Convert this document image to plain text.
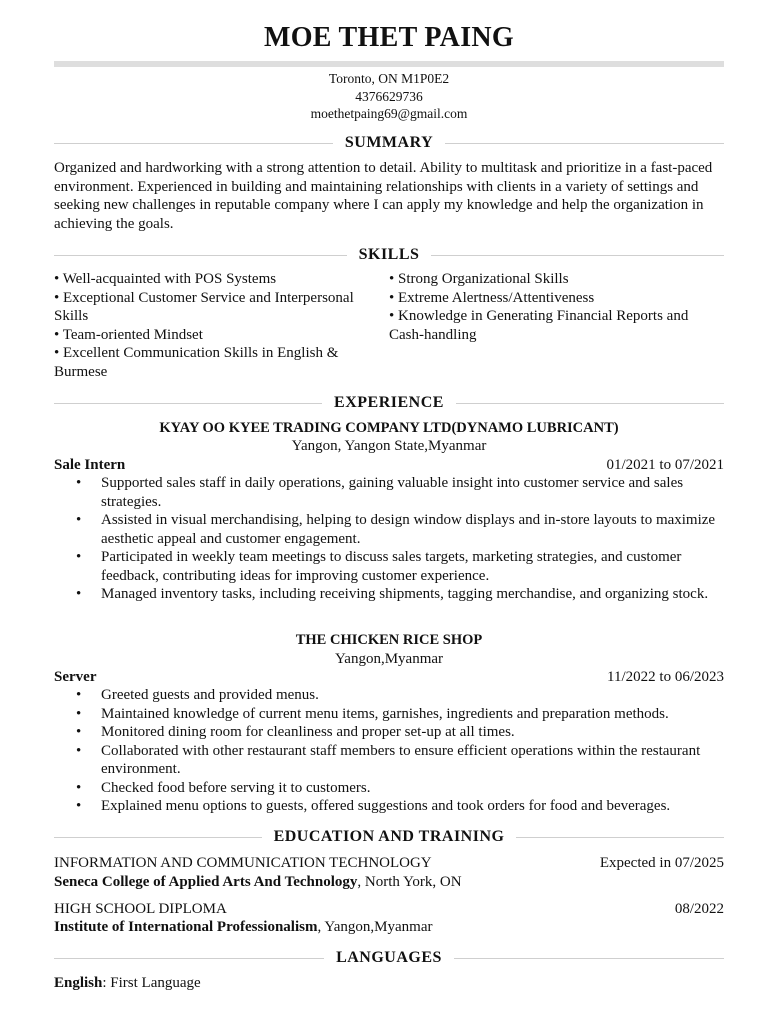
MOE THET PAING
Toronto, ON M1P0E2
4376629736
moethetpaing69@gmail.com
SUMMARY
Organized and hardworking with a strong attention to detail. Ability to multitask and prioritize in a fast-paced environment. Experienced in building and maintaining relationships with clients in a variety of settings and seeking new challenges in reputable company where I can apply my knowledge and help the organization in achieving the goals.
SKILLS
• Well-acquainted with POS Systems
• Exceptional Customer Service and Interpersonal Skills
• Team-oriented Mindset
• Excellent Communication Skills in English & Burmese
• Strong Organizational Skills
• Extreme Alertness/Attentiveness
• Knowledge in Generating Financial Reports and Cash-handling
EXPERIENCE
KYAY OO KYEE TRADING COMPANY LTD(DYNAMO LUBRICANT)
Yangon, Yangon State,Myanmar
Sale Intern	01/2021 to 07/2021
• Supported sales staff in daily operations, gaining valuable insight into customer service and sales strategies.
• Assisted in visual merchandising, helping to design window displays and in-store layouts to maximize aesthetic appeal and customer engagement.
• Participated in weekly team meetings to discuss sales targets, marketing strategies, and customer feedback, contributing ideas for improving customer experience.
• Managed inventory tasks, including receiving shipments, tagging merchandise, and organizing stock.
THE CHICKEN RICE SHOP
Yangon,Myanmar
Server	11/2022 to 06/2023
• Greeted guests and provided menus.
• Maintained knowledge of current menu items, garnishes, ingredients and preparation methods.
• Monitored dining room for cleanliness and proper set-up at all times.
• Collaborated with other restaurant staff members to ensure efficient operations within the restaurant environment.
• Checked food before serving it to customers.
• Explained menu options to guests, offered suggestions and took orders for food and beverages.
EDUCATION AND TRAINING
INFORMATION AND COMMUNICATION TECHNOLOGY	Expected in 07/2025
Seneca College of Applied Arts And Technology , North York, ON
HIGH SCHOOL DIPLOMA	08/2022
Institute of International Professionalism , Yangon,Myanmar
LANGUAGES
English : First Language
